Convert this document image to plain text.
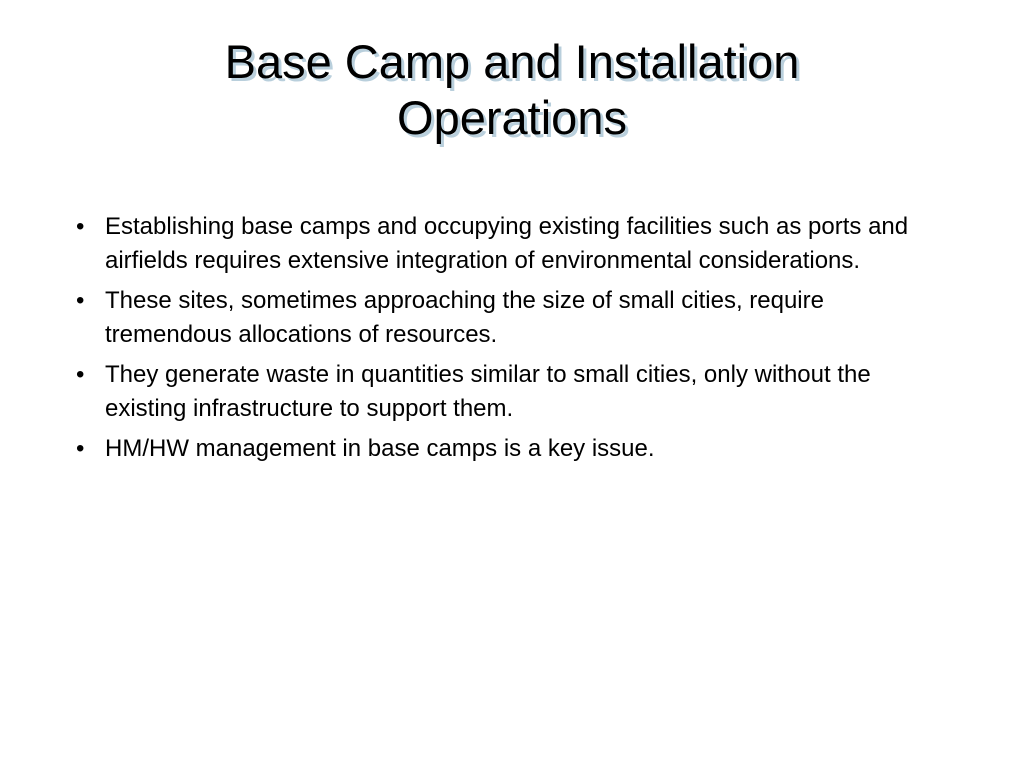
Base Camp and Installation
Operations
• Establishing base camps and occupying existing facilities such as ports and airfields requires extensive integration of environmental considerations.
• These sites, sometimes approaching the size of small cities, require tremendous allocations of resources.
• They generate waste in quantities similar to small cities, only without the existing infrastructure to support them.
• HM/HW management in base camps is a key issue.
